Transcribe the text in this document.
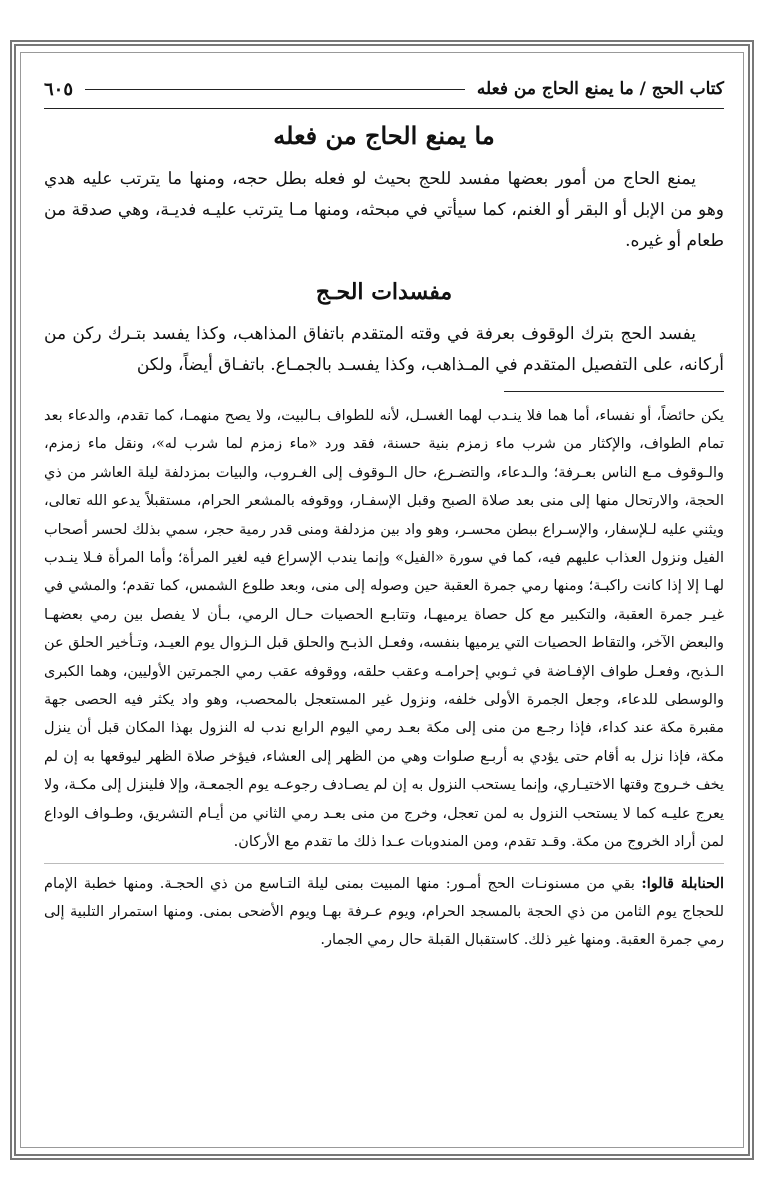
كتاب الحج / ما يمنع الحاج من فعله
٦٠٥
ما يمنع الحاج من فعله

يمنع الحاج من أمور بعضها مفسد للحج بحيث لو فعله بطل حجه، ومنها ما يترتب عليه هدي وهو من الإبل أو البقر أو الغنم، كما سيأتي في مبحثه، ومنها مـا يترتب عليـه فديـة، وهي صدقة من طعام أو غيره.

مفسدات الحـج

يفسد الحج بترك الوقوف بعرفة في وقته المتقدم باتفاق المذاهب، وكذا يفسد بتـرك ركن من أركانه، على التفصيل المتقدم في المـذاهب، وكذا يفسـد بالجمـاع. باتفـاق أيضاً، ولكن

يكن حائضاً، أو نفساء، أما هما فلا ينـدب لهما الغسـل، لأنه للطواف بـالبيت، ولا يصح منهمـا، كما تقدم، والدعاء بعد تمام الطواف، والإكثار من شرب ماء زمزم بنية حسنة، فقد ورد «ماء زمزم لما شرب له»، ونقل ماء زمزم، والـوقوف مـع الناس بعـرفة؛ والـدعاء، والتضـرع، حال الـوقوف إلى الغـروب، والبيات بمزدلفة ليلة العاشر من ذي الحجة، والارتحال منها إلى منى بعد صلاة الصبح وقبل الإسفـار، ووقوفه بالمشعر الحرام، مستقبلاً يدعو الله تعالى، ويثني عليه لـلإسفار، والإسـراع ببطن محسـر، وهو واد بين مزدلفة ومنى قدر رمية حجر، سمي بذلك لحسر أصحاب الفيل ونزول العذاب عليهم فيه، كما في سورة «الفيل» وإنما يندب الإسراع فيه لغير المرأة؛ وأما المرأة فـلا ينـدب لهـا إلا إذا كانت راكبـة؛ ومنها رمي جمرة العقبة حين وصوله إلى منى، وبعد طلوع الشمس، كما تقدم؛ والمشي في غيـر جمرة العقبة، والتكبير مع كل حصاة يرميهـا، وتتابـع الحصيات حـال الرمي، بـأن لا يفصل بين رمي بعضهـا والبعض الآخر، والتقاط الحصيات التي يرميها بنفسه، وفعـل الذبـح والحلق قبل الـزوال يوم العيـد، وتـأخير الحلق عن الـذبح، وفعـل طواف الإفـاضة في ثـوبي إحرامـه وعقب حلقه، ووقوفه عقب رمي الجمرتين الأوليين، وهما الكبرى والوسطى للدعاء، وجعل الجمرة الأولى خلفه، ونزول غير المستعجل بالمحصب، وهو واد يكثر فيه الحصى جهة مقبرة مكة عند كداء، فإذا رجـع من منى إلى مكة بعـد رمي اليوم الرابع ندب له النزول بهذا المكان قبل أن ينزل مكة، فإذا نزل به أقام حتى يؤدي به أربـع صلوات وهي من الظهر إلى العشاء، فيؤخر صلاة الظهر ليوقعها به إن لم يخف خـروج وقتها الاختيـاري، وإنما يستحب النزول به إن لم يصـادف رجوعـه يوم الجمعـة، وإلا فلينزل إلى مكـة، ولا يعرج عليـه كما لا يستحب النزول به لمن تعجل، وخرج من منى بعـد رمي الثاني من أيـام التشريق، وطـواف الوداع لمن أراد الخروج من مكة. وقـد تقدم، ومن المندوبات عـدا ذلك ما تقدم مع الأركان.

الحنابلة قالوا: بقي من مسنونـات الحج أمـور: منها المبيت بمنى ليلة التـاسع من ذي الحجـة. ومنها خطبة الإمام للحجاج يوم الثامن من ذي الحجة بالمسجد الحرام، ويوم عـرفة بهـا ويوم الأضحى بمنى. ومنها استمرار التلبية إلى رمي جمرة العقبة. ومنها غير ذلك. كاستقبال القبلة حال رمي الجمار.
